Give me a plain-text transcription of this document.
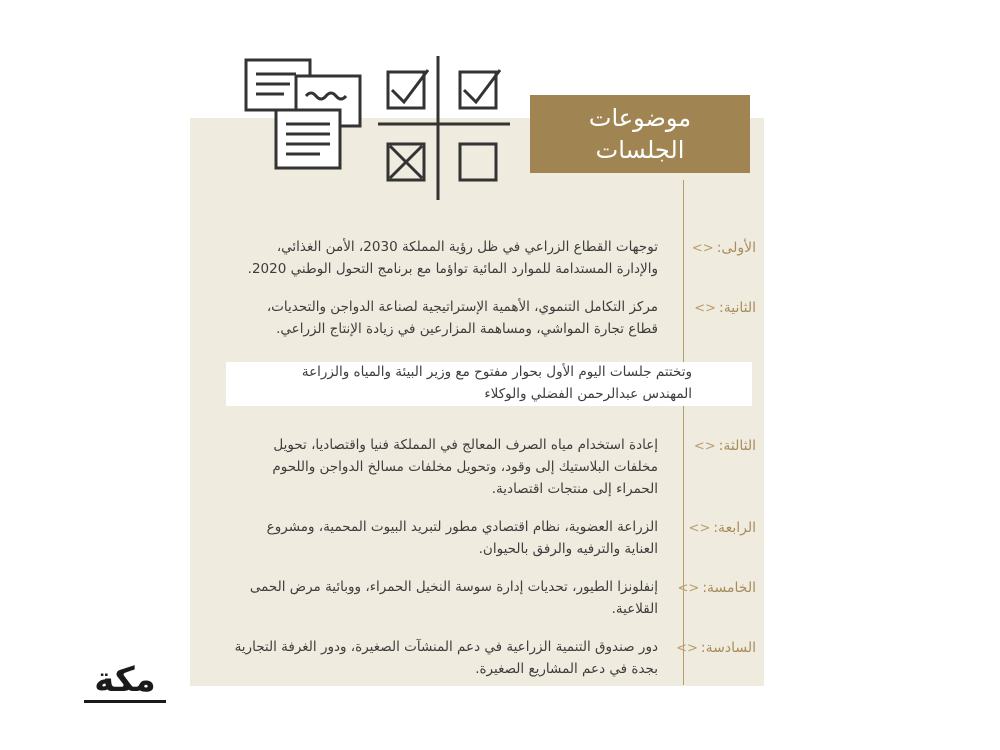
موضوعات
الجلسات
الأولى:<>
توجهات القطاع الزراعي في ظل رؤية المملكة 2030، الأمن الغذائي،
والإدارة المستدامة للموارد المائية تواؤما مع برنامج التحول الوطني 2020.
الثانية:<>
مركز التكامل التنموي، الأهمية الإستراتيجية لصناعة الدواجن والتحديات،
قطاع تجارة المواشي، ومساهمة المزارعين في زيادة الإنتاج الزراعي.
وتختتم جلسات اليوم الأول بحوار مفتوح مع وزير البيئة والمياه والزراعة
المهندس عبدالرحمن الفضلي والوكلاء
الثالثة:<>
إعادة استخدام مياه الصرف المعالج في المملكة فنيا واقتصاديا، تحويل
مخلفات البلاستيك إلى وقود، وتحويل مخلفات مسالخ الدواجن واللحوم
الحمراء إلى منتجات اقتصادية.
الرابعة:<>
الزراعة العضوية، نظام اقتصادي مطور لتبريد البيوت المحمية، ومشروع
العناية والترفيه والرفق بالحيوان.
الخامسة:<>
إنفلونزا الطيور، تحديات إدارة سوسة النخيل الحمراء، ووبائية مرض الحمى
القلاعية.
السادسة:<>
دور صندوق التنمية الزراعية في دعم المنشآت الصغيرة، ودور الغرفة التجارية
بجدة في دعم المشاريع الصغيرة.
مكة
